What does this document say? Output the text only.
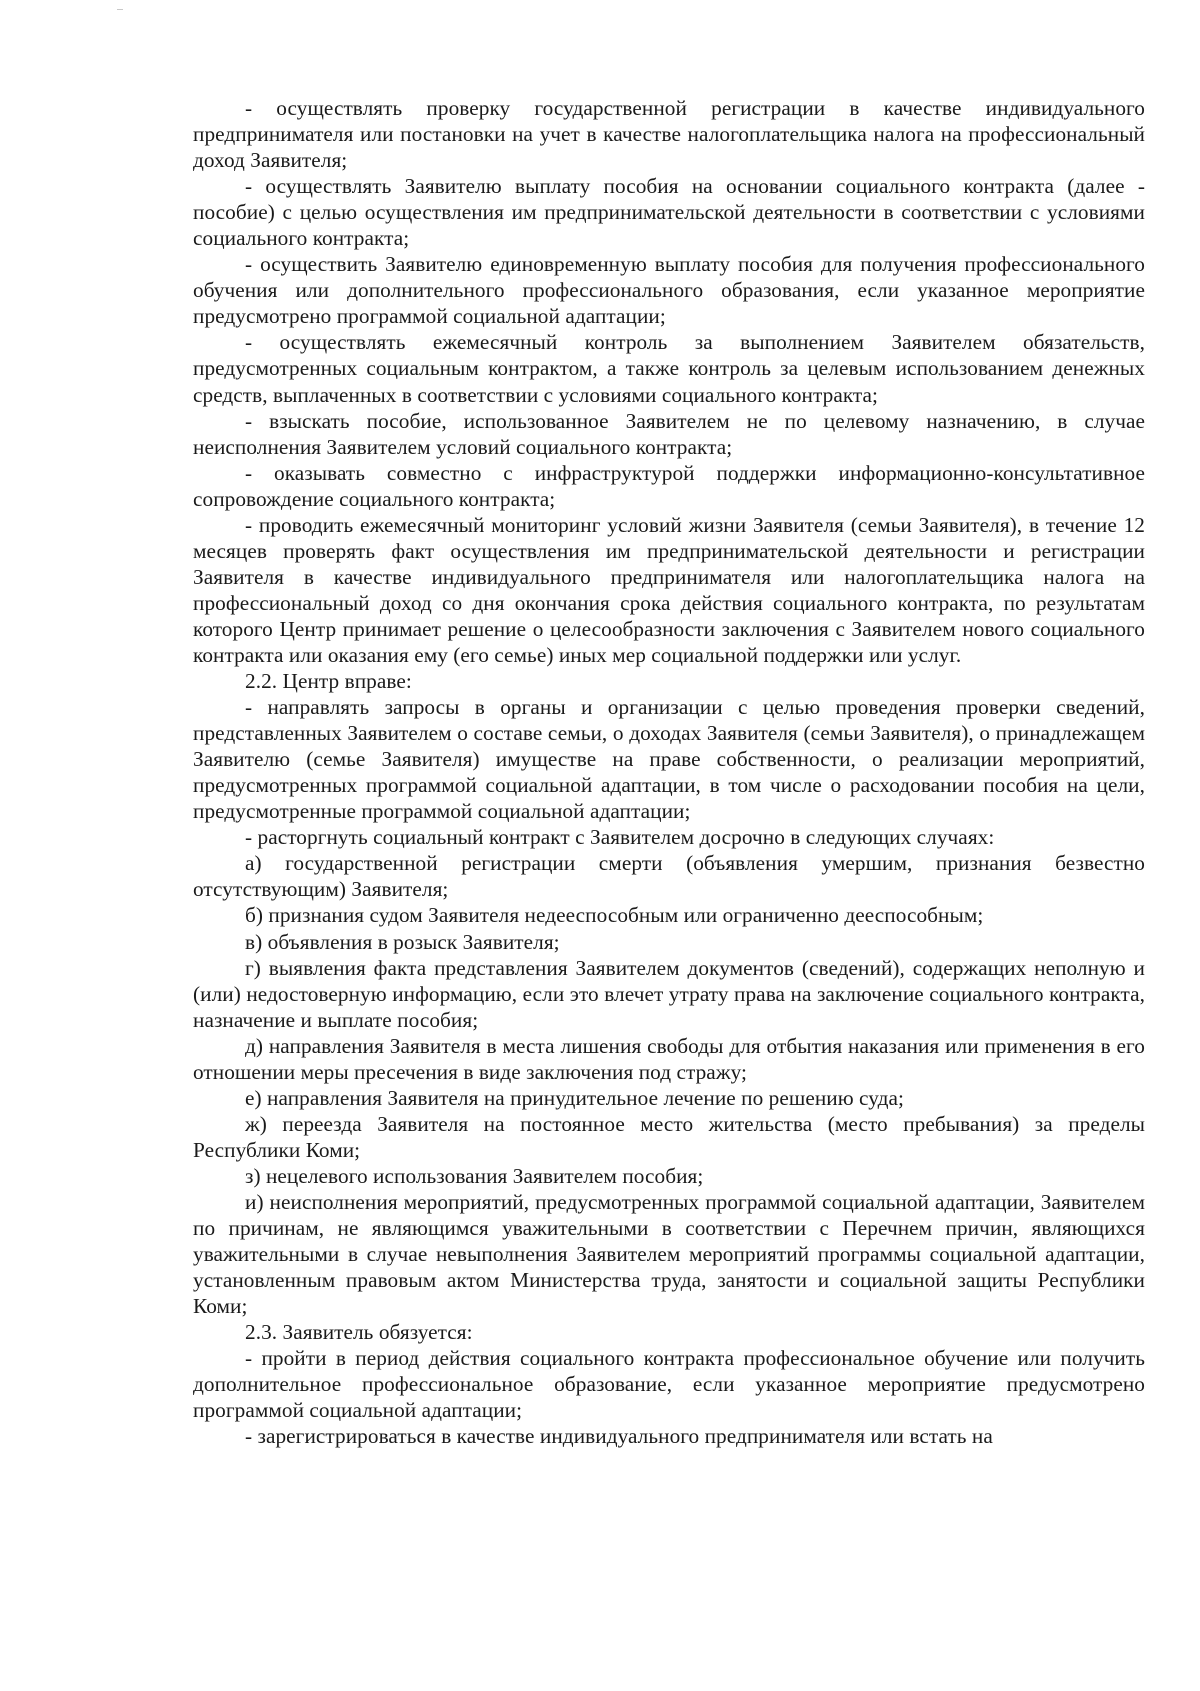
- осуществлять проверку государственной регистрации в качестве индивидуального предпринимателя или постановки на учет в качестве налогоплательщика налога на профессиональный доход Заявителя;

- осуществлять Заявителю выплату пособия на основании социального контракта (далее - пособие) с целью осуществления им предпринимательской деятельности в соответствии с условиями социального контракта;

- осуществить Заявителю единовременную выплату пособия для получения профессионального обучения или дополнительного профессионального образования, если указанное мероприятие предусмотрено программой социальной адаптации;

- осуществлять ежемесячный контроль за выполнением Заявителем обязательств, предусмотренных социальным контрактом, а также контроль за целевым использованием денежных средств, выплаченных в соответствии с условиями социального контракта;

- взыскать пособие, использованное Заявителем не по целевому назначению, в случае неисполнения Заявителем условий социального контракта;

- оказывать совместно с инфраструктурой поддержки информационно-консультативное сопровождение социального контракта;

- проводить ежемесячный мониторинг условий жизни Заявителя (семьи Заявителя), в течение 12 месяцев проверять факт осуществления им предпринимательской деятельности и регистрации Заявителя в качестве индивидуального предпринимателя или налогоплательщика налога на профессиональный доход со дня окончания срока действия социального контракта, по результатам которого Центр принимает решение о целесообразности заключения с Заявителем нового социального контракта или оказания ему (его семье) иных мер социальной поддержки или услуг.

2.2. Центр вправе:

- направлять запросы в органы и организации с целью проведения проверки сведений, представленных Заявителем о составе семьи, о доходах Заявителя (семьи Заявителя), о принадлежащем Заявителю (семье Заявителя) имуществе на праве собственности, о реализации мероприятий, предусмотренных программой социальной адаптации, в том числе о расходовании пособия на цели, предусмотренные программой социальной адаптации;

- расторгнуть социальный контракт с Заявителем досрочно в следующих случаях:

а) государственной регистрации смерти (объявления умершим, признания безвестно отсутствующим) Заявителя;

б) признания судом Заявителя недееспособным или ограниченно дееспособным;

в) объявления в розыск Заявителя;

г) выявления факта представления Заявителем документов (сведений), содержащих неполную и (или) недостоверную информацию, если это влечет утрату права на заключение социального контракта, назначение и выплате пособия;

д) направления Заявителя в места лишения свободы для отбытия наказания или применения в его отношении меры пресечения в виде заключения под стражу;

е) направления Заявителя на принудительное лечение по решению суда;

ж) переезда Заявителя на постоянное место жительства (место пребывания) за пределы Республики Коми;

з) нецелевого использования Заявителем пособия;

и) неисполнения мероприятий, предусмотренных программой социальной адаптации, Заявителем по причинам, не являющимся уважительными в соответствии с Перечнем причин, являющихся уважительными в случае невыполнения Заявителем мероприятий программы социальной адаптации, установленным правовым актом Министерства труда, занятости и социальной защиты Республики Коми;

2.3. Заявитель обязуется:

- пройти в период действия социального контракта профессиональное обучение или получить дополнительное профессиональное образование, если указанное мероприятие предусмотрено программой социальной адаптации;

- зарегистрироваться в качестве индивидуального предпринимателя или встать на
